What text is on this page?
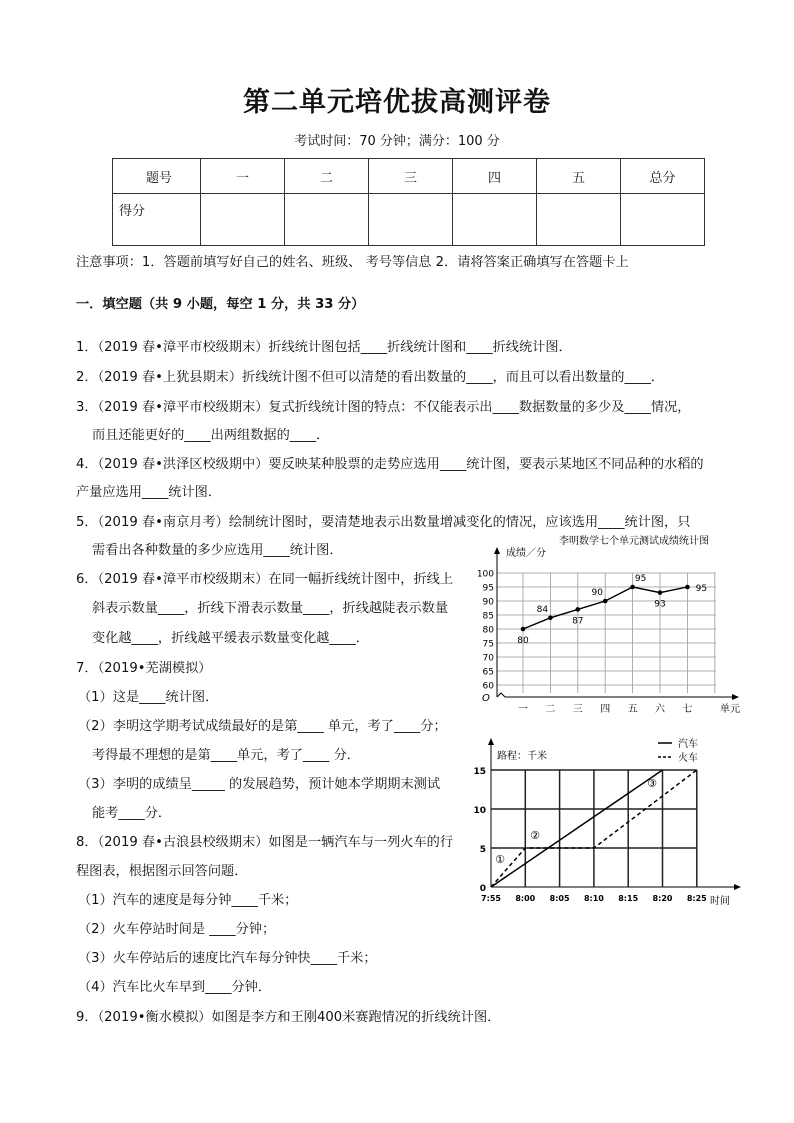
第二单元培优拔高测评卷
考试时间：70 分钟；满分：100 分
题号	一	二	三	四	五	总分
得分						
注意事项：1．答题前填写好自己的姓名、班级、 考号等信息 2．请将答案正确填写在答题卡上
一．填空题（共 9 小题，每空 1 分，共 33 分）
1．（2019 春•漳平市校级期末）折线统计图包括____折线统计图和____折线统计图．
2．（2019 春•上犹县期末）折线统计图不但可以清楚的看出数量的____，而且可以看出数量的____．
3．（2019 春•漳平市校级期末）复式折线统计图的特点：不仅能表示出____数据数量的多少及____情况，
而且还能更好的____出两组数据的____．
4．（2019 春•洪泽区校级期中）要反映某种股票的走势应选用____统计图，要表示某地区不同品种的水稻的
产量应选用____统计图．
5．（2019 春•南京月考）绘制统计图时，要清楚地表示出数量增减变化的情况，应该选用____统计图，只
需看出各种数量的多少应选用____统计图．
6．（2019 春•漳平市校级期末）在同一幅折线统计图中，折线上
斜表示数量____，折线下滑表示数量____，折线越陡表示数量
变化越____，折线越平缓表示数量变化越____．
7．（2019•芜湖模拟）
（1）这是____统计图．
（2）李明这学期考试成绩最好的是第____ 单元，考了____分；
考得最不理想的是第____单元，考了____ 分．
（3）李明的成绩呈_____ 的发展趋势，预计她本学期期末测试
能考____分．
8．（2019 春•古浪县校级期末）如图是一辆汽车与一列火车的行
程图表，根据图示回答问题．
（1）汽车的速度是每分钟____千米；
（2）火车停站时间是 ____分钟；
（3）火车停站后的速度比汽车每分钟快____千米；
（4）汽车比火车早到____分钟．
9．（2019•衡水模拟）如图是李方和王刚400米赛跑情况的折线统计图．
李明数学七个单元测试成绩统计图
成绩／分
60
65
70
75
80
85
90
95
100
O
单元
80
一
84
二
87
三
90
四
95
五
93
六
95
七
0
5
10
15
7:55 8:00 8:05 8:10 8:15 8:20 8:25 时间
路程：千米
汽车
火车
①
②
③
